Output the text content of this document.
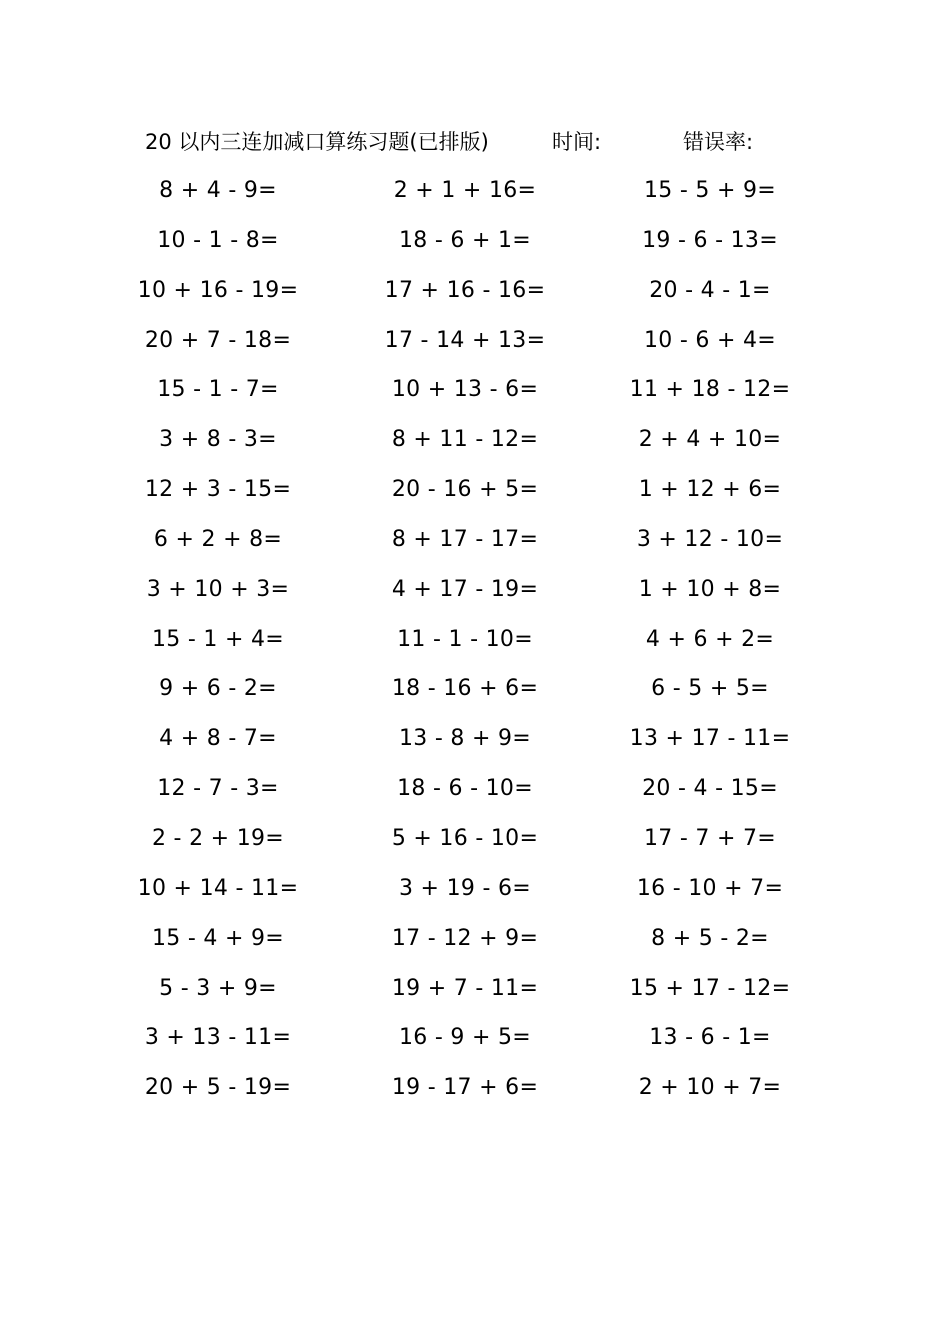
20 以内三连加减口算练习题(已排版)	时间:	错误率:
8 + 4 - 9=	2 + 1 + 16=	15 - 5 + 9=
10 - 1 - 8=	18 - 6 + 1=	19 - 6 - 13=
10 + 16 - 19=	17 + 16 - 16=	20 - 4 - 1=
20 + 7 - 18=	17 - 14 + 13=	10 - 6 + 4=
15 - 1 - 7=	10 + 13 - 6=	11 + 18 - 12=
3 + 8 - 3=	8 + 11 - 12=	2 + 4 + 10=
12 + 3 - 15=	20 - 16 + 5=	1 + 12 + 6=
6 + 2 + 8=	8 + 17 - 17=	3 + 12 - 10=
3 + 10 + 3=	4 + 17 - 19=	1 + 10 + 8=
15 - 1 + 4=	11 - 1 - 10=	4 + 6 + 2=
9 + 6 - 2=	18 - 16 + 6=	6 - 5 + 5=
4 + 8 - 7=	13 - 8 + 9=	13 + 17 - 11=
12 - 7 - 3=	18 - 6 - 10=	20 - 4 - 15=
2 - 2 + 19=	5 + 16 - 10=	17 - 7 + 7=
10 + 14 - 11=	3 + 19 - 6=	16 - 10 + 7=
15 - 4 + 9=	17 - 12 + 9=	8 + 5 - 2=
5 - 3 + 9=	19 + 7 - 11=	15 + 17 - 12=
3 + 13 - 11=	16 - 9 + 5=	13 - 6 - 1=
20 + 5 - 19=	19 - 17 + 6=	2 + 10 + 7=
